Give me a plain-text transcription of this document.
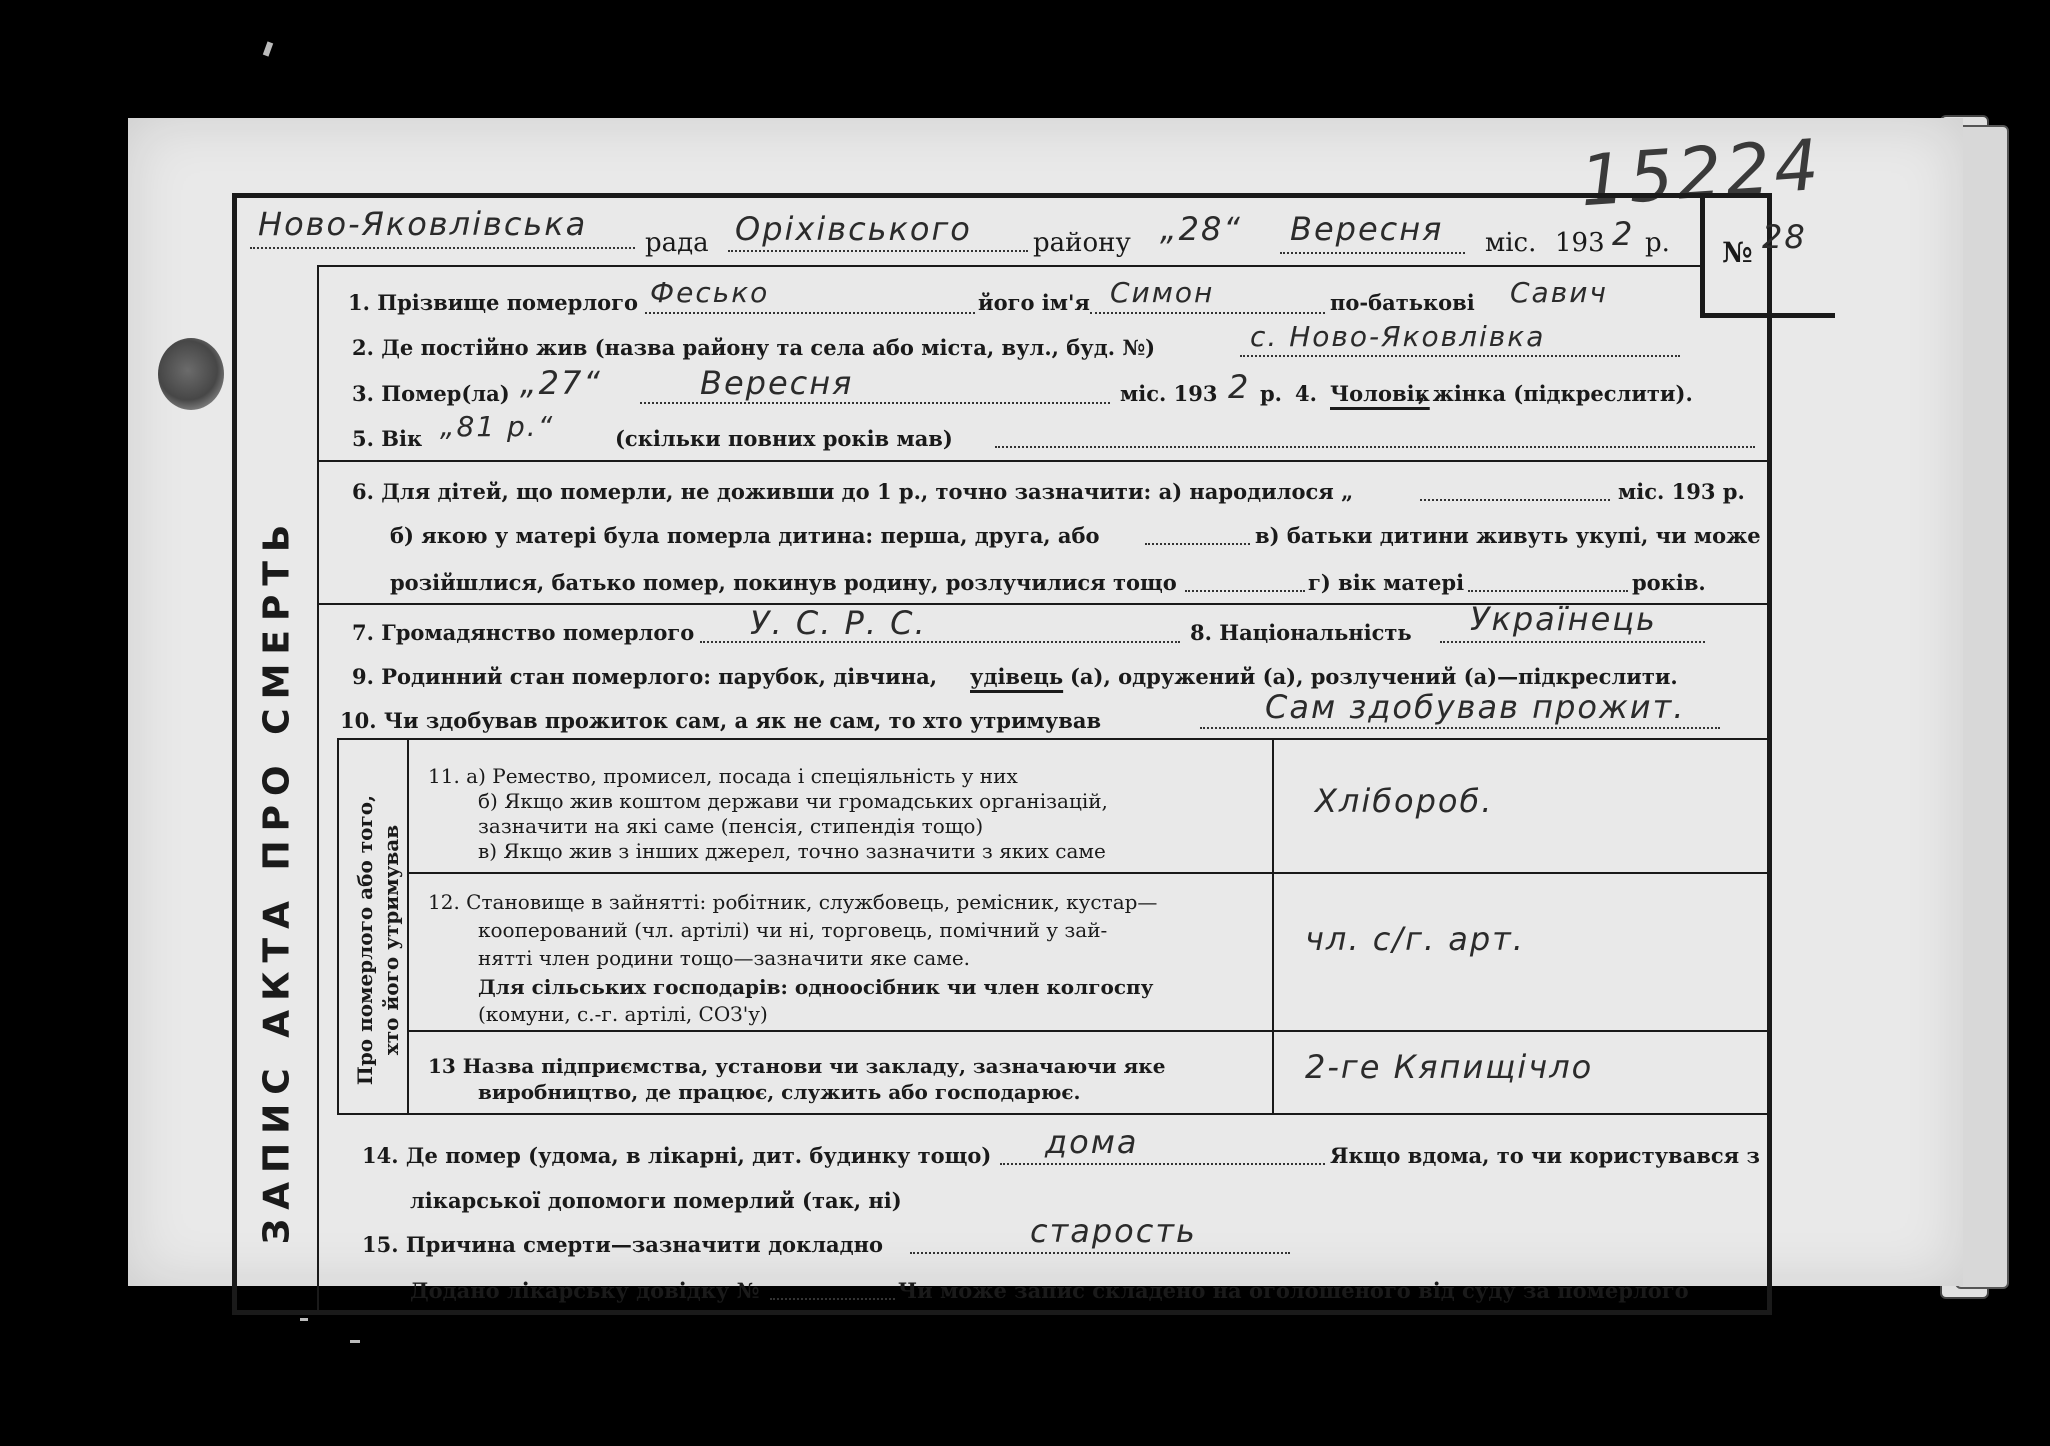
15224
ЗАПИС АКТА ПРО СМЕРТЬ
Ново-Яковлівська рада Оріхівського району „28“ Вересня міс. 193 2 р. № 28
1. Прізвище померлого Фесько	його ім'я Симон	по-батькові Савич
2. Де постійно жив (назва району та села або міста, вул., буд. №)	с. Ново-Яковлівка
3. Помер(ла) „27“	Вересня	міс. 193 2 р. 4. Чоловік
, жінка (підкреслити).
5. Вік „81 р.“	(скільки повних років мав)
6. Для дітей, що померли, не доживши до 1 р., точно зазначити: а) народилося „	міс. 193 р.
б) якою у матері була померла дитина: перша, друга, або	в) батьки дитини живуть укупі, чи може
розійшлися, батько помер, покинув родину, розлучилися тощо	г) вік матері	років.
7. Громадянство померлого У. С. Р. С.	8. Національність Українець
9. Родинний стан померлого: парубок, дівчина, удівець (а), одружений (а), розлучений (а)—підкреслити.
10. Чи здобував прожиток сам, а як не сам, то хто утримував	Сам здобував прожит.
Про померлого або того, хто його утримував
11. а) Ремество, промисел, посада і спеціяльність у них
б) Якщо жив коштом держави чи громадських організацій,
зазначити на які саме (пенсія, стипендія тощо)
в) Якщо жив з інших джерел, точно зазначити з яких саме
Хлібороб.
12. Становище в зайнятті: робітник, службовець, ремісник, кустар—
кооперований (чл. артілі) чи ні, торговець, помічний у зай-
нятті член родини тощо—зазначити яке саме.
Для сільських господарів: одноосібник чи член колгоспу
(комуни, с.-г. артілі, СОЗ'у)
чл. с/г. арт.
13 Назва підприємства, установи чи закладу, зазначаючи яке
виробництво, де працює, служить або господарює.
2-ге Кяпищічло
14. Де помер (удома, в лікарні, дит. будинку тощо) дома	Якщо вдома, то чи користувався з
лікарської допомоги померлий (так, ні)
15. Причина смерти—зазначити докладно	старость
Додано лікарську довідку №	Чи може запис складено на оголошеного від суду за померлого
